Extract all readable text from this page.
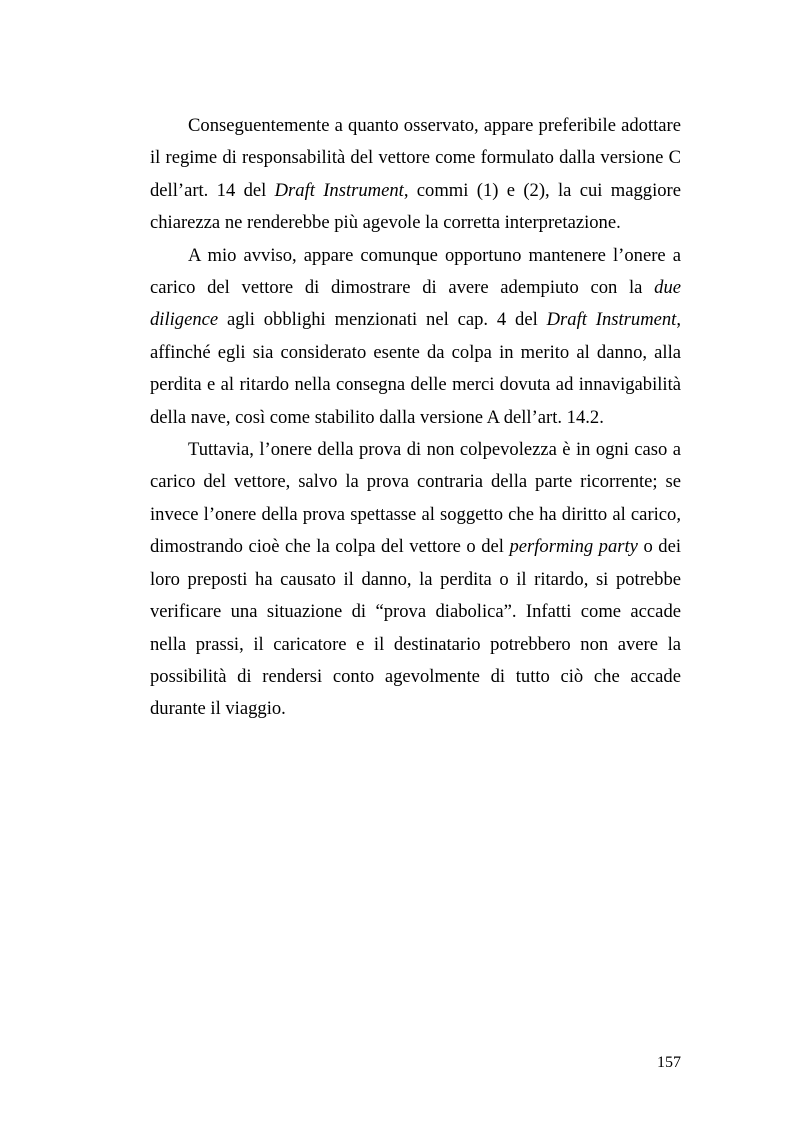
Conseguentemente a quanto osservato, appare preferibile adottare il regime di responsabilità del vettore come formulato dalla versione C dell’art. 14 del Draft Instrument, commi (1) e (2), la cui maggiore chiarezza ne renderebbe più agevole la corretta interpretazione.

A mio avviso, appare comunque opportuno mantenere l’onere a carico del vettore di dimostrare di avere adempiuto con la due diligence agli obblighi menzionati nel cap. 4 del Draft Instrument, affinché egli sia considerato esente da colpa in merito al danno, alla perdita e al ritardo nella consegna delle merci dovuta ad innavigabilità della nave, così come stabilito dalla versione A dell’art. 14.2.

Tuttavia, l’onere della prova di non colpevolezza è in ogni caso a carico del vettore, salvo la prova contraria della parte ricorrente; se invece l’onere della prova spettasse al soggetto che ha diritto al carico, dimostrando cioè che la colpa del vettore o del performing party o dei loro preposti ha causato il danno, la perdita o il ritardo, si potrebbe verificare una situazione di “prova diabolica”. Infatti come accade nella prassi, il caricatore e il destinatario potrebbero non avere la possibilità di rendersi conto agevolmente di tutto ciò che accade durante il viaggio.

157
